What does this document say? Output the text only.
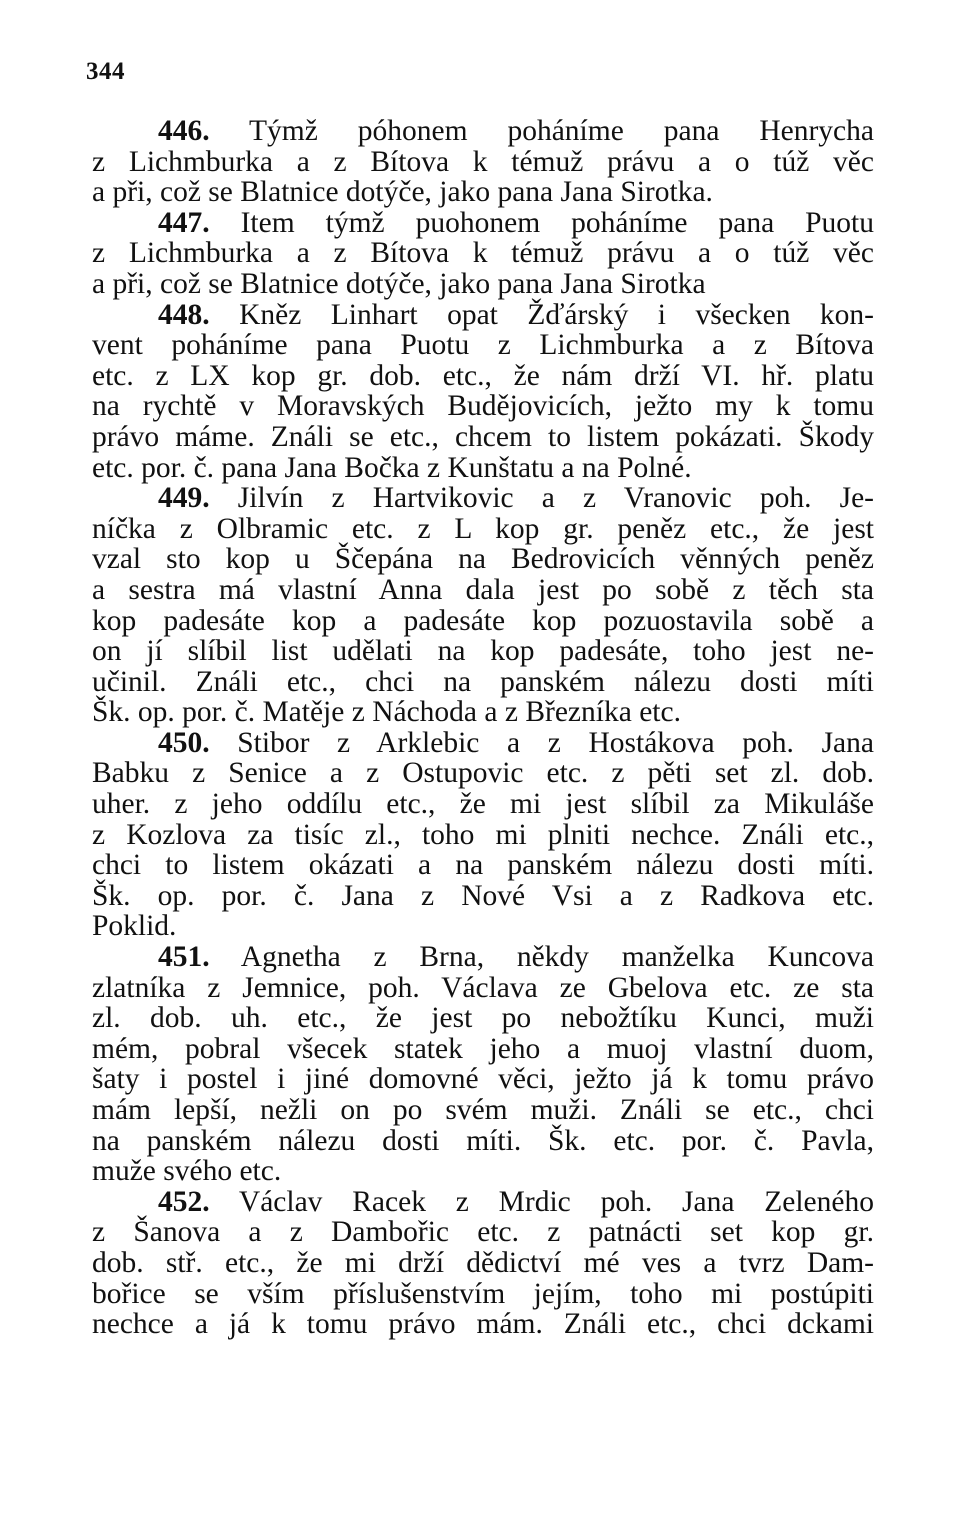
344
446. Týmž póhonem poháníme pana Henrycha
z Lichmburka a z Bítova k témuž právu a o túž věc
a při, což se Blatnice dotýče, jako pana Jana Sirotka.
447. Item týmž puohonem poháníme pana Puotu
z Lichmburka a z Bítova k témuž právu a o túž věc
a při, což se Blatnice dotýče, jako pana Jana Sirotka
448. Kněz Linhart opat Žďárský i všecken kon-
vent poháníme pana Puotu z Lichmburka a z Bítova
etc. z LX kop gr. dob. etc., že nám drží VI. hř. platu
na rychtě v Moravských Budějovicích, ježto my k tomu
právo máme. Ználi se etc., chcem to listem pokázati. Škody
etc. por. č. pana Jana Bočka z Kunštatu a na Polné.
449. Jilvín z Hartvikovic a z Vranovic poh. Je-
níčka z Olbramic etc. z L kop gr. peněz etc., že jest
vzal sto kop u Ščepána na Bedrovicích věnných peněz
a sestra má vlastní Anna dala jest po sobě z těch sta
kop padesáte kop a padesáte kop pozuostavila sobě a
on jí slíbil list udělati na kop padesáte, toho jest ne-
učinil. Ználi etc., chci na panském nálezu dosti míti
Šk. op. por. č. Matěje z Náchoda a z Březníka etc.
450. Stibor z Arklebic a z Hostákova poh. Jana
Babku z Senice a z Ostupovic etc. z pěti set zl. dob.
uher. z jeho oddílu etc., že mi jest slíbil za Mikuláše
z Kozlova za tisíc zl., toho mi plniti nechce. Ználi etc.,
chci to listem okázati a na panském nálezu dosti míti.
Šk. op. por. č. Jana z Nové Vsi a z Radkova etc.
Poklid.
451. Agnetha z Brna, někdy manželka Kuncova
zlatníka z Jemnice, poh. Václava ze Gbelova etc. ze sta
zl. dob. uh. etc., že jest po nebožtíku Kunci, muži
mém, pobral všecek statek jeho a muoj vlastní duom,
šaty i postel i jiné domovné věci, ježto já k tomu právo
mám lepší, nežli on po svém muži. Ználi se etc., chci
na panském nálezu dosti míti. Šk. etc. por. č. Pavla,
muže svého etc.
452. Václav Racek z Mrdic poh. Jana Zeleného
z Šanova a z Dambořic etc. z patnácti set kop gr.
dob. stř. etc., že mi drží dědictví mé ves a tvrz Dam-
bořice se vším příslušenstvím jejím, toho mi postúpiti
nechce a já k tomu právo mám. Ználi etc., chci dckami
